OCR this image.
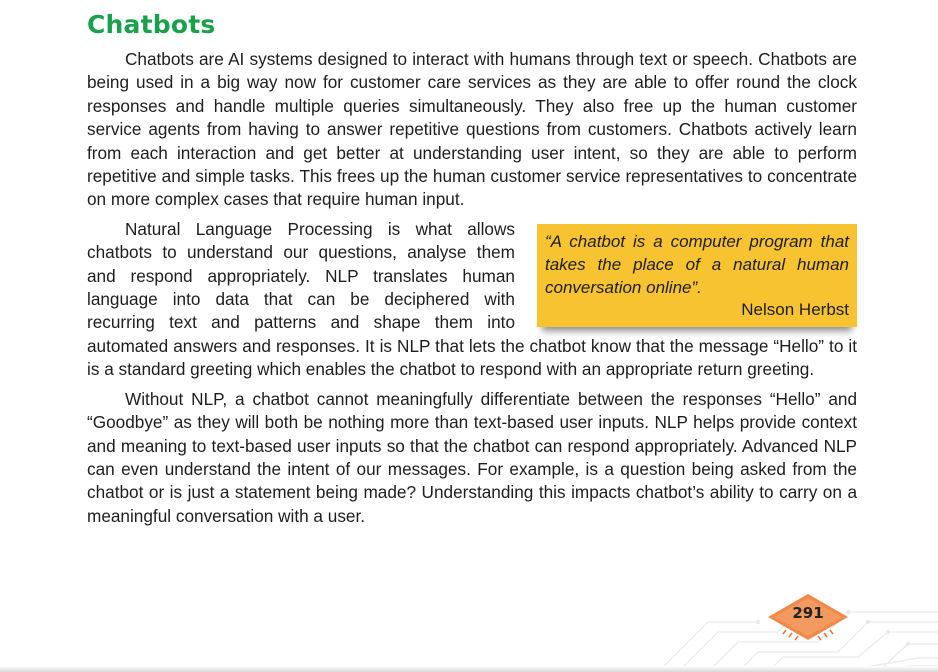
Chatbots

Chatbots are AI systems designed to interact with humans through text or speech. Chatbots are being used in a big way now for customer care services as they are able to offer round the clock responses and handle multiple queries simultaneously. They also free up the human customer service agents from having to answer repetitive questions from customers. Chatbots actively learn from each interaction and get better at understanding user intent, so they are able to perform repetitive and simple tasks. This frees up the human customer service representatives to concentrate on more complex cases that require human input.

“A chatbot is a computer program that takes the place of a natural human conversation online”.

Nelson Herbst

Natural Language Processing is what allows chatbots to understand our questions, analyse them and respond appropriately. NLP translates human language into data that can be deciphered with recurring text and patterns and shape them into automated answers and responses. It is NLP that lets the chatbot know that the message “Hello” to it is a standard greeting which enables the chatbot to respond with an appropriate return greeting.

Without NLP, a chatbot cannot meaningfully differentiate between the responses “Hello” and “Goodbye” as they will both be nothing more than text-based user inputs. NLP helps provide context and meaning to text-based user inputs so that the chatbot can respond appropriately. Advanced NLP can even understand the intent of our messages. For example, is a question being asked from the chatbot or is just a statement being made? Understanding this impacts chatbot’s ability to carry on a meaningful conversation with a user.

291
